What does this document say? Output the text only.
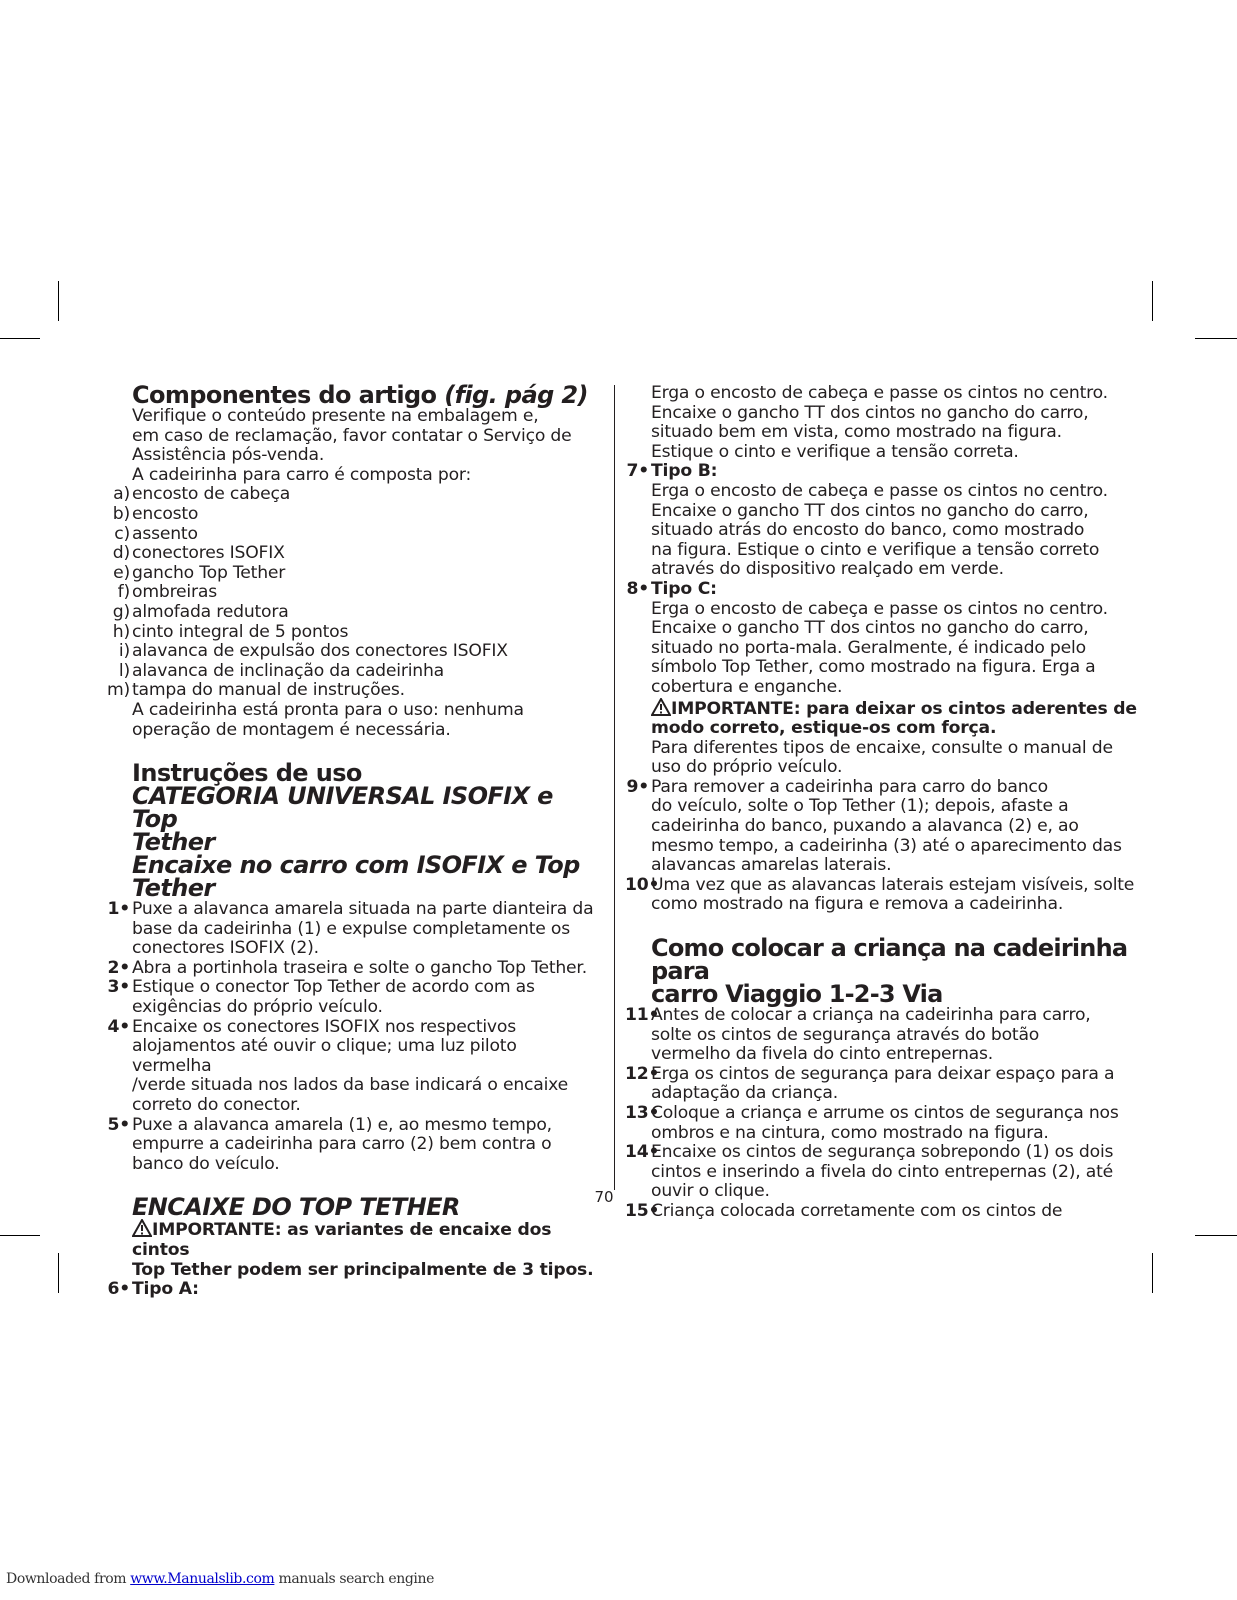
Componentes do artigo (fig. pág 2)
Verifique o conteúdo presente na embalagem e,
em caso de reclamação, favor contatar o Serviço de
Assistência pós-venda.
A cadeirinha para carro é composta por:
a) encosto de cabeça
b) encosto
c) assento
d) conectores ISOFIX
e) gancho Top Tether
f) ombreiras
g) almofada redutora
h) cinto integral de 5 pontos
i) alavanca de expulsão dos conectores ISOFIX
l) alavanca de inclinação da cadeirinha
m) tampa do manual de instruções.
A cadeirinha está pronta para o uso: nenhuma
operação de montagem é necessária.
Instruções de uso
CATEGORIA UNIVERSAL ISOFIX e Top
Tether
Encaixe no carro com ISOFIX e Top Tether
1• Puxe a alavanca amarela situada na parte dianteira da
base da cadeirinha (1) e expulse completamente os
conectores ISOFIX (2).
2• Abra a portinhola traseira e solte o gancho Top Tether.
3• Estique o conector Top Tether de acordo com as
exigências do próprio veículo.
4• Encaixe os conectores ISOFIX nos respectivos
alojamentos até ouvir o clique; uma luz piloto vermelha
/verde situada nos lados da base indicará o encaixe
correto do conector.
5• Puxe a alavanca amarela (1) e, ao mesmo tempo,
empurre a cadeirinha para carro (2) bem contra o
banco do veículo.
ENCAIXE DO TOP TETHER
IMPORTANTE: as variantes de encaixe dos cintos
Top Tether podem ser principalmente de 3 tipos.
6• Tipo A:
Erga o encosto de cabeça e passe os cintos no centro.
Encaixe o gancho TT dos cintos no gancho do carro,
situado bem em vista, como mostrado na figura.
Estique o cinto e verifique a tensão correta.
7• Tipo B:
Erga o encosto de cabeça e passe os cintos no centro.
Encaixe o gancho TT dos cintos no gancho do carro,
situado atrás do encosto do banco, como mostrado
na figura. Estique o cinto e verifique a tensão correto
através do dispositivo realçado em verde.
8• Tipo C:
Erga o encosto de cabeça e passe os cintos no centro.
Encaixe o gancho TT dos cintos no gancho do carro,
situado no porta-mala. Geralmente, é indicado pelo
símbolo Top Tether, como mostrado na figura. Erga a
cobertura e enganche.
IMPORTANTE: para deixar os cintos aderentes de
modo correto, estique-os com força.
Para diferentes tipos de encaixe, consulte o manual de
uso do próprio veículo.
9• Para remover a cadeirinha para carro do banco
do veículo, solte o Top Tether (1); depois, afaste a
cadeirinha do banco, puxando a alavanca (2) e, ao
mesmo tempo, a cadeirinha (3) até o aparecimento das
alavancas amarelas laterais.
10•
Uma vez que as alavancas laterais estejam visíveis, solte
como mostrado na figura e remova a cadeirinha.
Como colocar a criança na cadeirinha para
carro Viaggio 1-2-3 Via
11•
Antes de colocar a criança na cadeirinha para carro,
solte os cintos de segurança através do botão
vermelho da fivela do cinto entrepernas.
12•
Erga os cintos de segurança para deixar espaço para a
adaptação da criança.
13•
Coloque a criança e arrume os cintos de segurança nos
ombros e na cintura, como mostrado na figura.
14•
Encaixe os cintos de segurança sobrepondo (1) os dois
cintos e inserindo a fivela do cinto entrepernas (2), até
ouvir o clique.
15•
Criança colocada corretamente com os cintos de
70
Downloaded from www.Manualslib.com manuals search engine
